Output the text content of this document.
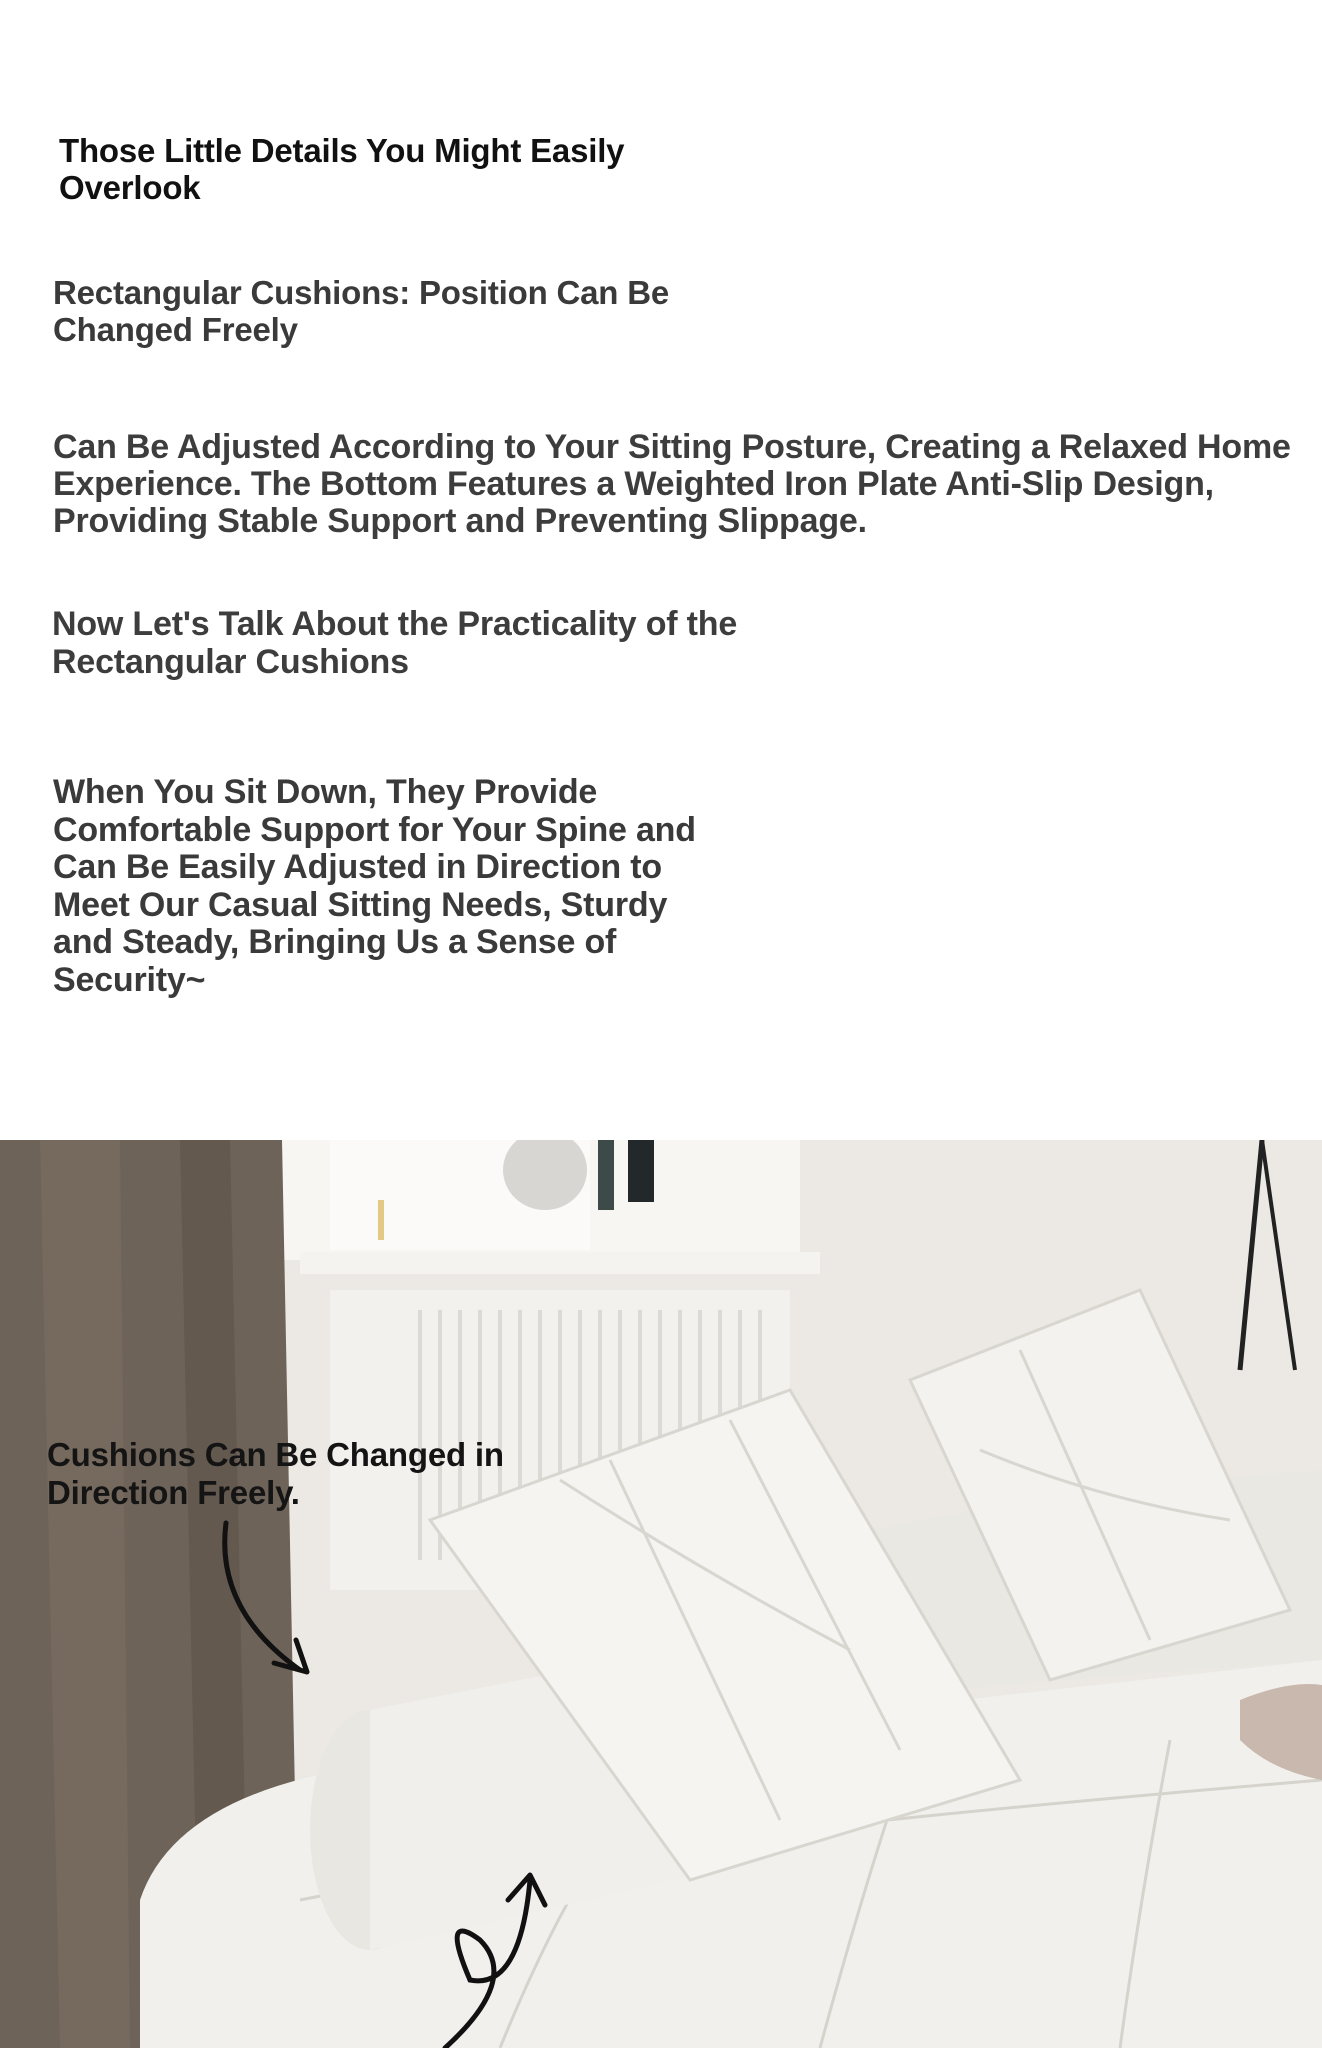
Those Little Details You Might Easily Overlook

Rectangular Cushions: Position Can Be Changed Freely

Can Be Adjusted According to Your Sitting Posture, Creating a Relaxed Home Experience. The Bottom Features a Weighted Iron Plate Anti-Slip Design, Providing Stable Support and Preventing Slippage.

Now Let's Talk About the Practicality of the Rectangular Cushions

When You Sit Down, They Provide Comfortable Support for Your Spine and Can Be Easily Adjusted in Direction to Meet Our Casual Sitting Needs, Sturdy and Steady, Bringing Us a Sense of Security~

Cushions Can Be Changed in Direction Freely.
